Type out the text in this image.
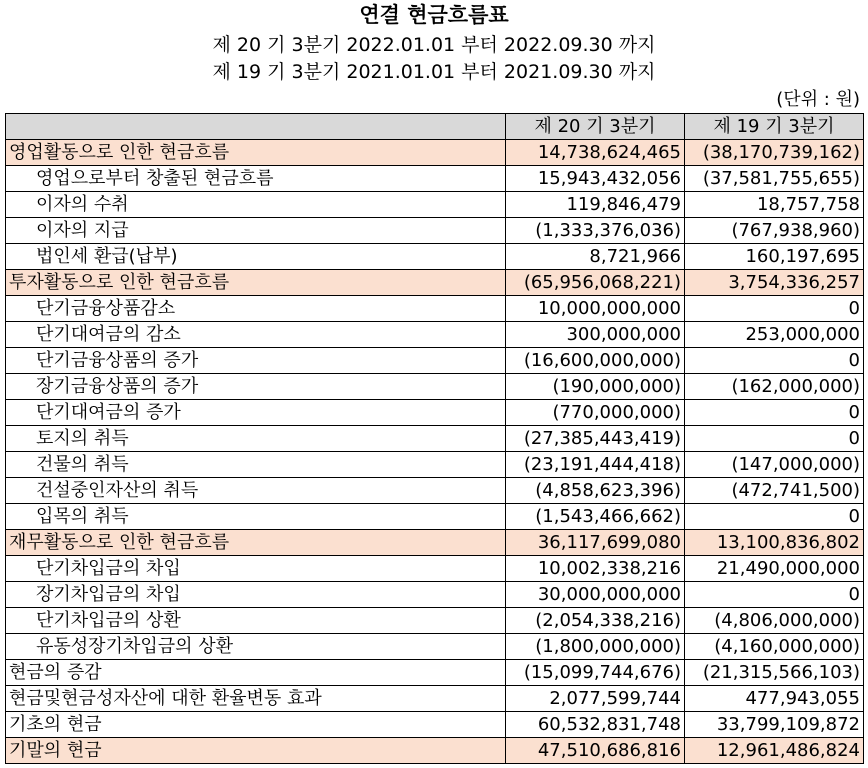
연결 현금흐름표
제 20 기 3분기 2022.01.01 부터 2022.09.30 까지
제 19 기 3분기 2021.01.01 부터 2021.09.30 까지
(단위 : 원)
	제 20 기 3분기	제 19 기 3분기
영업활동으로 인한 현금흐름	14,738,624,465	(38,170,739,162)
영업으로부터 창출된 현금흐름	15,943,432,056	(37,581,755,655)
이자의 수취	119,846,479	18,757,758
이자의 지급	(1,333,376,036)	(767,938,960)
법인세 환급(납부)	8,721,966	160,197,695
투자활동으로 인한 현금흐름	(65,956,068,221)	3,754,336,257
단기금융상품감소	10,000,000,000	0
단기대여금의 감소	300,000,000	253,000,000
단기금융상품의 증가	(16,600,000,000)	0
장기금융상품의 증가	(190,000,000)	(162,000,000)
단기대여금의 증가	(770,000,000)	0
토지의 취득	(27,385,443,419)	0
건물의 취득	(23,191,444,418)	(147,000,000)
건설중인자산의 취득	(4,858,623,396)	(472,741,500)
입목의 취득	(1,543,466,662)	0
재무활동으로 인한 현금흐름	36,117,699,080	13,100,836,802
단기차입금의 차입	10,002,338,216	21,490,000,000
장기차입금의 차입	30,000,000,000	0
단기차입금의 상환	(2,054,338,216)	(4,806,000,000)
유동성장기차입금의 상환	(1,800,000,000)	(4,160,000,000)
현금의 증감	(15,099,744,676)	(21,315,566,103)
현금및현금성자산에 대한 환율변동 효과	2,077,599,744	477,943,055
기초의 현금	60,532,831,748	33,799,109,872
기말의 현금	47,510,686,816	12,961,486,824
